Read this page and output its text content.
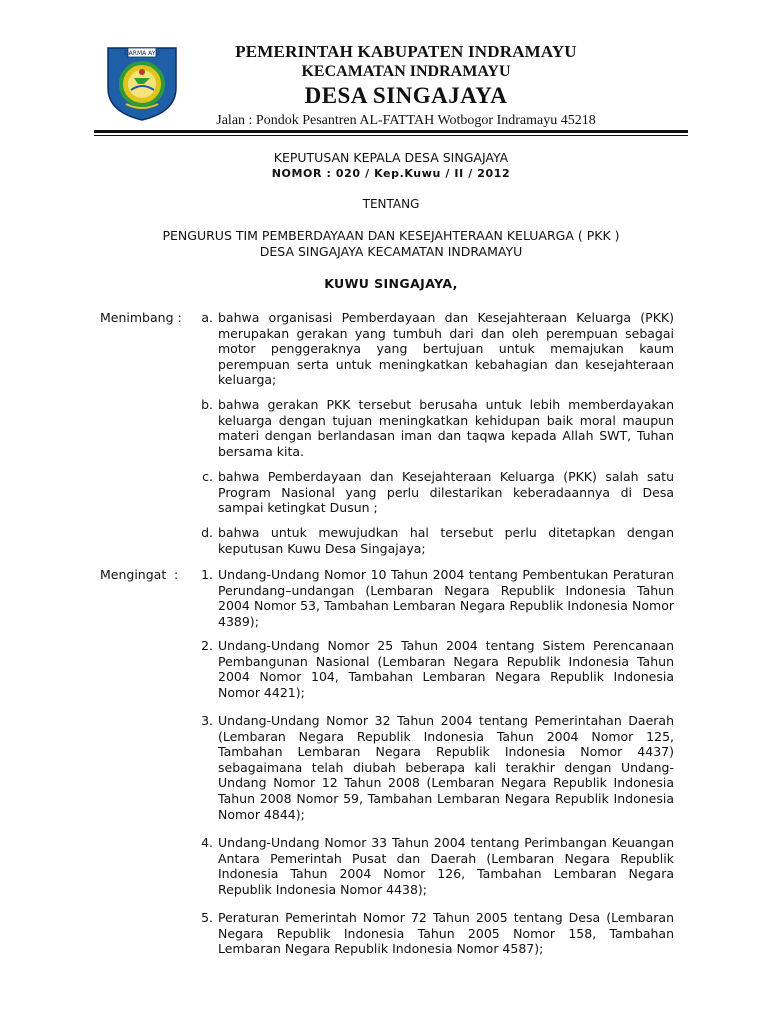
DARMA AYU	PEMERINTAH KABUPATEN INDRAMAYU
KECAMATAN INDRAMAYU
DESA SINGAJAYA
Jalan : Pondok Pesantren AL-FATTAH Wotbogor Indramayu 45218
KEPUTUSAN KEPALA DESA SINGAJAYA
NOMOR : 020 / Kep.Kuwu / II / 2012
TENTANG
PENGURUS TIM PEMBERDAYAAN DAN KESEJAHTERAAN KELUARGA ( PKK )
DESA SINGAJAYA KECAMATAN INDRAMAYU
KUWU SINGAJAYA,
Menimbang :	a. bahwa organisasi Pemberdayaan dan Kesejahteraan Keluarga (PKK) merupakan gerakan yang tumbuh dari dan oleh perempuan sebagai motor penggeraknya yang bertujuan untuk memajukan kaum perempuan serta untuk meningkatkan kebahagian dan kesejahteraan keluarga;
b. bahwa gerakan PKK tersebut berusaha untuk lebih memberdayakan keluarga dengan tujuan meningkatkan kehidupan baik moral maupun materi dengan berlandasan iman dan taqwa kepada Allah SWT, Tuhan bersama kita.
c. bahwa Pemberdayaan dan Kesejahteraan Keluarga (PKK) salah satu Program Nasional yang perlu dilestarikan keberadaannya di Desa sampai ketingkat Dusun ;
d. bahwa untuk mewujudkan hal tersebut perlu ditetapkan dengan keputusan Kuwu Desa Singajaya;
Mengingat :	1. Undang-Undang Nomor 10 Tahun 2004 tentang Pembentukan Peraturan Perundang–undangan (Lembaran Negara Republik Indonesia Tahun 2004 Nomor 53, Tambahan Lembaran Negara Republik Indonesia Nomor 4389);
2. Undang-Undang Nomor 25 Tahun 2004 tentang Sistem Perencanaan Pembangunan Nasional (Lembaran Negara Republik Indonesia Tahun 2004 Nomor 104, Tambahan Lembaran Negara Republik Indonesia Nomor 4421);
3. Undang-Undang Nomor 32 Tahun 2004 tentang Pemerintahan Daerah (Lembaran Negara Republik Indonesia Tahun 2004 Nomor 125, Tambahan Lembaran Negara Republik Indonesia Nomor 4437) sebagaimana telah diubah beberapa kali terakhir dengan Undang-Undang Nomor 12 Tahun 2008 (Lembaran Negara Republik Indonesia Tahun 2008 Nomor 59, Tambahan Lembaran Negara Republik Indonesia Nomor 4844);
4. Undang-Undang Nomor 33 Tahun 2004 tentang Perimbangan Keuangan Antara Pemerintah Pusat dan Daerah (Lembaran Negara Republik Indonesia Tahun 2004 Nomor 126, Tambahan Lembaran Negara Republik Indonesia Nomor 4438);
5. Peraturan Pemerintah Nomor 72 Tahun 2005 tentang Desa (Lembaran Negara Republik Indonesia Tahun 2005 Nomor 158, Tambahan Lembaran Negara Republik Indonesia Nomor 4587);
